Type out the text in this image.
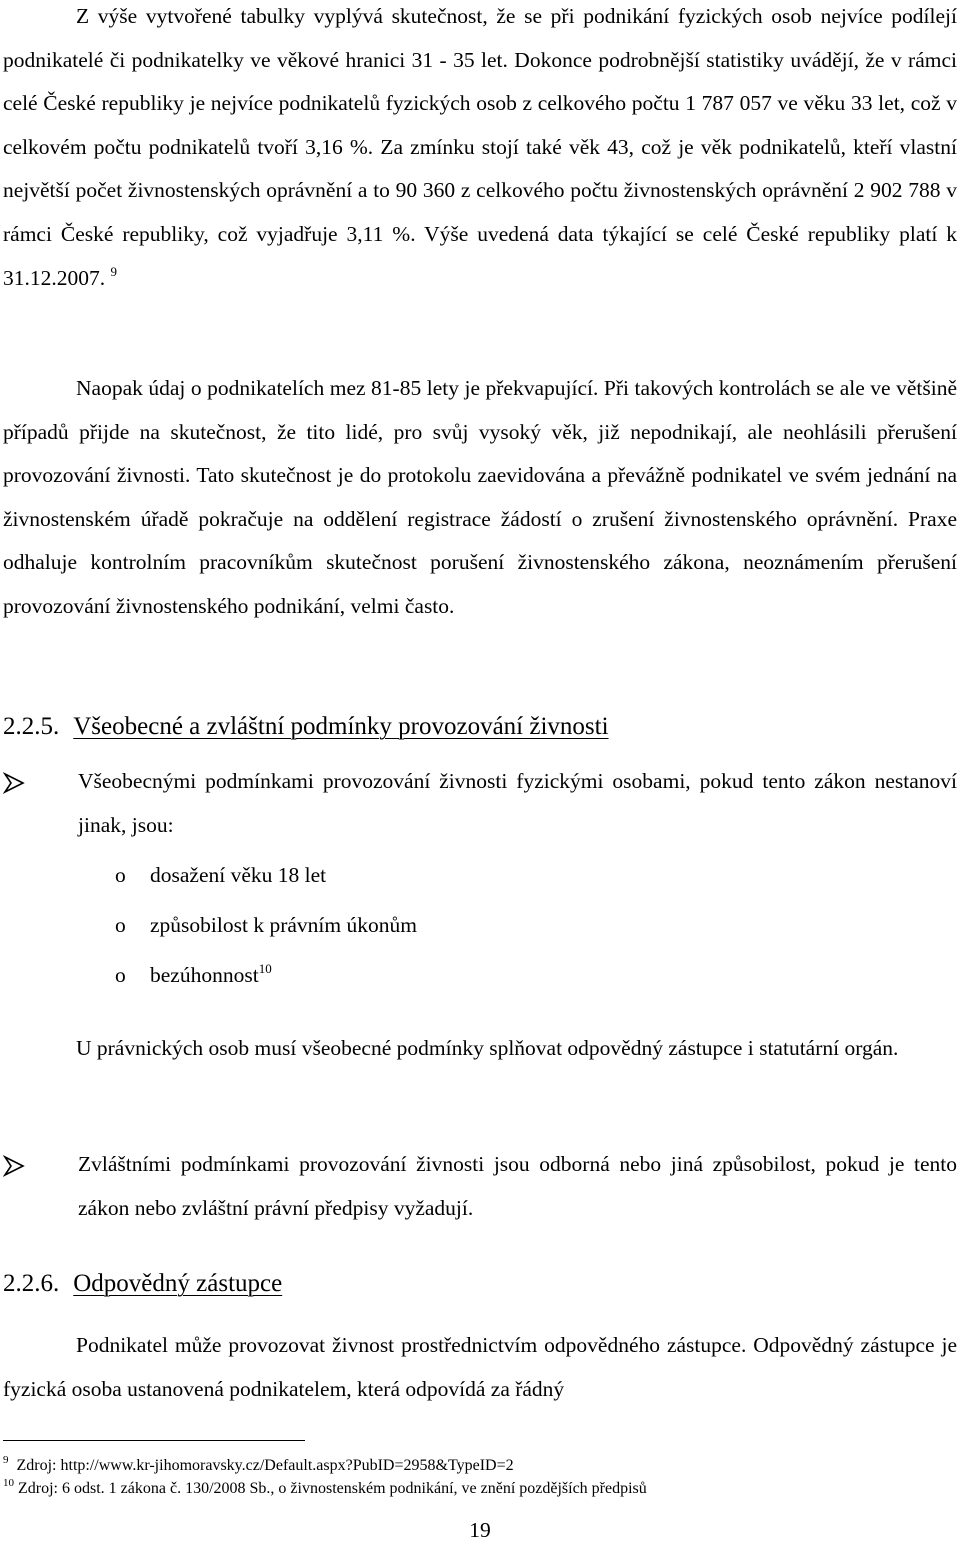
Z výše vytvořené tabulky vyplývá skutečnost, že se při podnikání fyzických osob nejvíce podílejí podnikatelé či podnikatelky ve věkové hranici 31 - 35 let. Dokonce podrobnější statistiky uvádějí, že v rámci celé České republiky je nejvíce podnikatelů fyzických osob z celkového počtu 1 787 057 ve věku 33 let, což v celkovém počtu podnikatelů tvoří 3,16 %. Za zmínku stojí také věk 43, což je věk podnikatelů, kteří vlastní největší počet živnostenských oprávnění a to 90 360 z celkového počtu živnostenských oprávnění 2 902 788 v rámci České republiky, což vyjadřuje 3,11 %. Výše uvedená data týkající se celé České republiky platí k 31.12.2007. $^9$

Naopak údaj o podnikatelích mez 81-85 lety je překvapující. Při takových kontrolách se ale ve většině případů přijde na skutečnost, že tito lidé, pro svůj vysoký věk, již nepodnikají, ale neohlásili přerušení provozování živnosti. Tato skutečnost je do protokolu zaevidována a převážně podnikatel ve svém jednání na živnostenském úřadě pokračuje na oddělení registrace žádostí o zrušení živnostenského oprávnění. Praxe odhaluje kontrolním pracovníkům skutečnost porušení živnostenského zákona, neoznámením přerušení provozování živnostenského podnikání, velmi často.

2.2.5. Všeobecné a zvláštní podmínky provozování živnosti

Všeobecnými podmínkami provozování živnosti fyzickými osobami, pokud tento zákon nestanoví jinak, jsou:

o dosažení věku 18 let
o způsobilost k právním úkonům
o bezúhonnost$^{10}$

U právnických osob musí všeobecné podmínky splňovat odpovědný zástupce i statutární orgán.

Zvláštními podmínkami provozování živnosti jsou odborná nebo jiná způsobilost, pokud je tento zákon nebo zvláštní právní předpisy vyžadují.

2.2.6. Odpovědný zástupce

Podnikatel může provozovat živnost prostřednictvím odpovědného zástupce. Odpovědný zástupce je fyzická osoba ustanovená podnikatelem, která odpovídá za řádný

$^9$ Zdroj: http://www.kr-jihomoravsky.cz/Default.aspx?PubID=2958&TypeID=2
$^{10}$ Zdroj: 6 odst. 1 zákona č. 130/2008 Sb., o živnostenském podnikání, ve znění pozdějších předpisů
19
